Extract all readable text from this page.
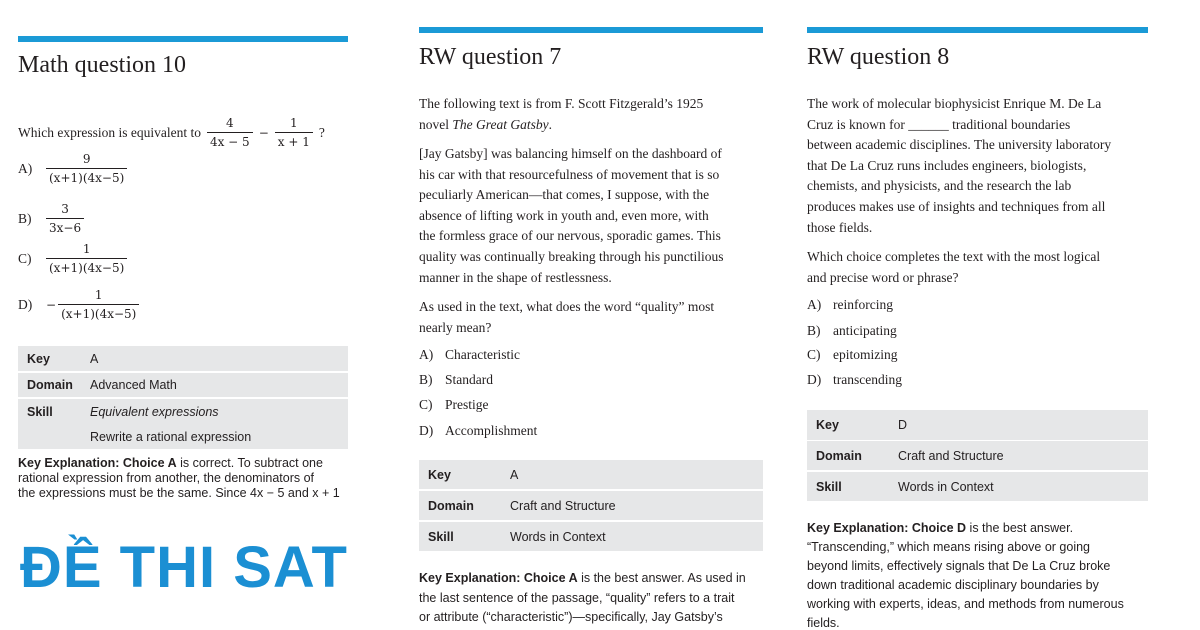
Math question 10
Which expression is equivalent to $\frac{4}{4x - 5} - \frac{1}{x + 1}$ ?
A)	$\frac{9}{(x+1)(4x-5)}$
B)	$\frac{3}{3x-6}$
C)	$\frac{1}{(x+1)(4x-5)}$
D)	− $\frac{1}{(x+1)(4x-5)}$
Key	A
Domain Advanced Math
Skill	Equivalent expressions
Rewrite a rational expression
Key Explanation: Choice A is correct. To subtract one
rational expression from another, the denominators of
the expressions must be the same. Since 4x − 5 and x + 1
RW question 7
The following text is from F. Scott Fitzgerald’s 1925
novel The Great Gatsby.
[Jay Gatsby] was balancing himself on the dashboard of
his car with that resourcefulness of movement that is so
peculiarly American—that comes, I suppose, with the
absence of lifting work in youth and, even more, with
the formless grace of our nervous, sporadic games. This
quality was continually breaking through his punctilious
manner in the shape of restlessness.
As used in the text, what does the word “quality” most
nearly mean?
A) Characteristic
B) Standard
C) Prestige
D) Accomplishment
Key	A
Domain	Craft and Structure
Skill	Words in Context
Key Explanation: Choice A is the best answer. As used in
the last sentence of the passage, “quality” refers to a trait
or attribute (“characteristic”)—specifically, Jay Gatsby’s
RW question 8
The work of molecular biophysicist Enrique M. De La
Cruz is known for ______ traditional boundaries
between academic disciplines. The university laboratory
that De La Cruz runs includes engineers, biologists,
chemists, and physicists, and the research the lab
produces makes use of insights and techniques from all
those fields.
Which choice completes the text with the most logical
and precise word or phrase?
A) reinforcing
B) anticipating
C) epitomizing
D) transcending
Key	D
Domain	Craft and Structure
Skill	Words in Context
Key Explanation: Choice D is the best answer.
“Transcending,” which means rising above or going
beyond limits, effectively signals that De La Cruz broke
down traditional academic disciplinary boundaries by
working with experts, ideas, and methods from numerous
fields.
ĐỀ THI SAT
